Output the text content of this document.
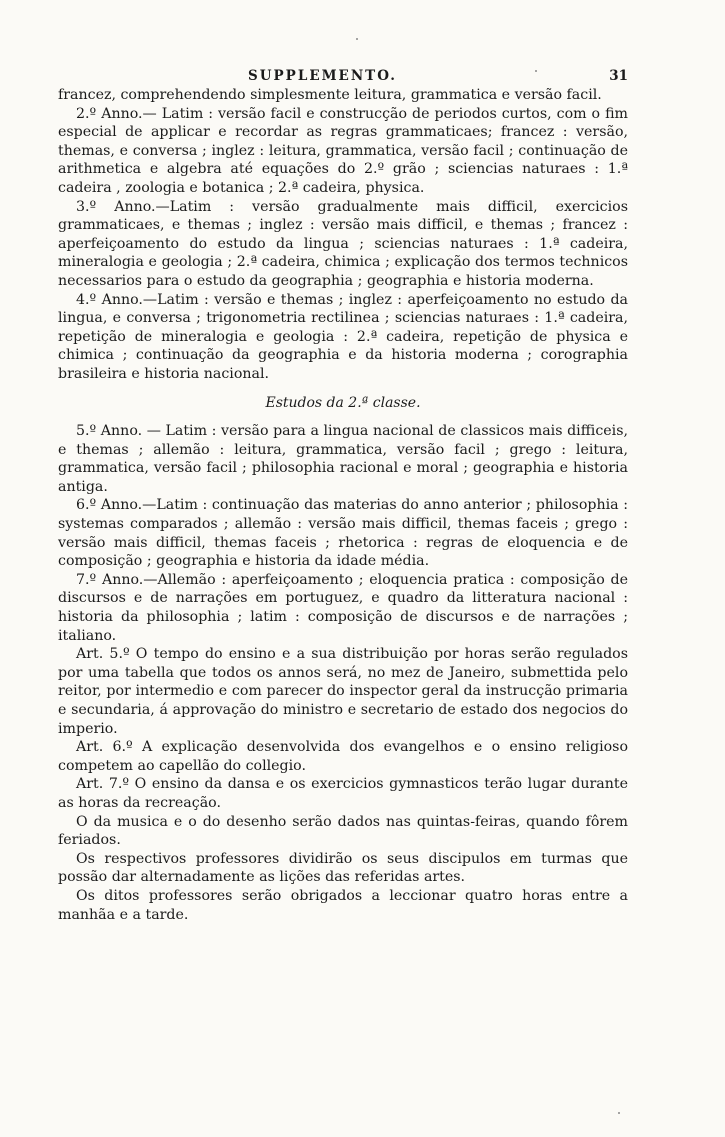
SUPPLEMENTO.	31

francez, comprehendendo simplesmente leitura, grammatica e versão facil.

2.º Anno.— Latim : versão facil e construcção de periodos curtos, com o fim especial de applicar e recordar as regras grammaticaes; francez : versão, themas, e conversa ; inglez : leitura, grammatica, versão facil ; continuação de arithmetica e algebra até equações do 2.º grão ; sciencias naturaes : 1.ª cadeira , zoologia e botanica ; 2.ª cadeira, physica.

3.º Anno.—Latim : versão gradualmente mais difficil, exercicios grammaticaes, e themas ; inglez : versão mais difficil, e themas ; francez : aperfeiçoamento do estudo da lingua ; sciencias naturaes : 1.ª cadeira, mineralogia e geologia ; 2.ª cadeira, chimica ; explicação dos termos technicos necessarios para o estudo da geographia ; geographia e historia moderna.

4.º Anno.—Latim : versão e themas ; inglez : aperfeiçoamento no estudo da lingua, e conversa ; trigonometria rectilinea ; sciencias naturaes : 1.ª cadeira, repetição de mineralogia e geologia : 2.ª cadeira, repetição de physica e chimica ; continuação da geographia e da historia moderna ; corographia brasileira e historia nacional.

Estudos da 2.ª classe.

5.º Anno. — Latim : versão para a lingua nacional de classicos mais difficeis, e themas ; allemão : leitura, grammatica, versão facil ; grego : leitura, grammatica, versão facil ; philosophia racional e moral ; geographia e historia antiga.

6.º Anno.—Latim : continuação das materias do anno anterior ; philosophia : systemas comparados ; allemão : versão mais difficil, themas faceis ; grego : versão mais difficil, themas faceis ; rhetorica : regras de eloquencia e de composição ; geographia e historia da idade média.

7.º Anno.—Allemão : aperfeiçoamento ; eloquencia pratica : composição de discursos e de narrações em portuguez, e quadro da litteratura nacional : historia da philosophia ; latim : composição de discursos e de narrações ; italiano.

Art. 5.º O tempo do ensino e a sua distribuição por horas serão regulados por uma tabella que todos os annos será, no mez de Janeiro, submettida pelo reitor, por intermedio e com parecer do inspector geral da instrucção primaria e secundaria, á approvação do ministro e secretario de estado dos negocios do imperio.

Art. 6.º A explicação desenvolvida dos evangelhos e o ensino religioso competem ao capellão do collegio.

Art. 7.º O ensino da dansa e os exercicios gymnasticos terão lugar durante as horas da recreação.

O da musica e o do desenho serão dados nas quintas-feiras, quando fôrem feriados.

Os respectivos professores dividirão os seus discipulos em turmas que possão dar alternadamente as lições das referidas artes.

Os ditos professores serão obrigados a leccionar quatro horas entre a manhãa e a tarde.
